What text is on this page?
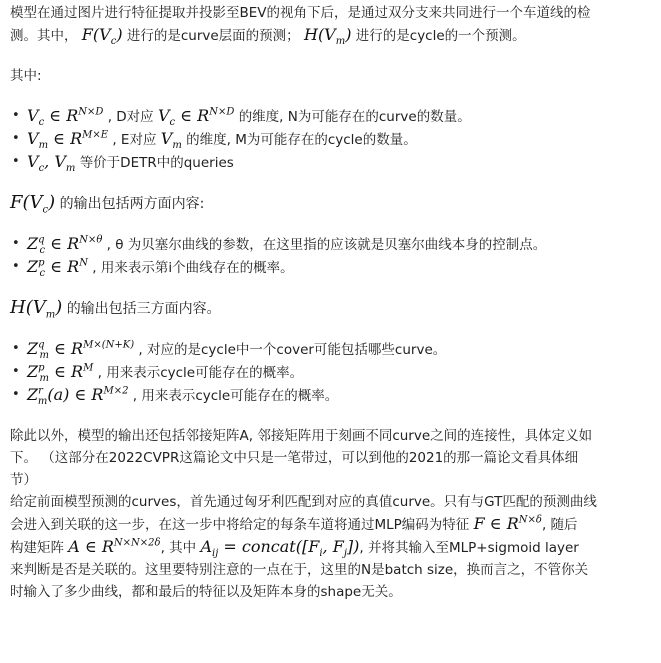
模型在通过图片进行特征提取并投影至BEV的视角下后，是通过双分支来共同进行一个车道线的检

测。其中， $F(V_c)$ 进行的是curve层面的预测； $H(V_m)$ 进行的是cycle的一个预测。

其中:

• $V_c$ ∈ $R^{N\times D}$ , D对应 $V_c$ ∈ $R^{N\times D}$ 的维度, N为可能存在的curve的数量。
• $V_m$ ∈ $R^{M\times E}$ , E对应 $V_m$ 的维度, M为可能存在的cycle的数量。
• $V_c$, $V_m$ 等价于DETR中的queries

$F(V_c)$ 的输出包括两方面内容:

• $Z^q_c$ ∈ $R^{N\times\theta}$ , θ 为贝塞尔曲线的参数，在这里指的应该就是贝塞尔曲线本身的控制点。
• $Z^p_c$ ∈ $R^N$ , 用来表示第i个曲线存在的概率。

$H(V_m)$ 的输出包括三方面内容。

• $Z^q_m$ ∈ $R^{M\times(N+K)}$ , 对应的是cycle中一个cover可能包括哪些curve。
• $Z^p_m$ ∈ $R^M$ , 用来表示cycle可能存在的概率。
• $Z^r_m(a)$ ∈ $R^{M\times 2}$ , 用来表示cycle可能存在的概率。

除此以外，模型的输出还包括邻接矩阵A, 邻接矩阵用于刻画不同curve之间的连接性，具体定义如
下。 （这部分在2022CVPR这篇论文中只是一笔带过，可以到他的2021的那一篇论文看具体细
节）

给定前面模型预测的curves，首先通过匈牙利匹配到对应的真值curve。只有与GT匹配的预测曲线
会进入到关联的这一步，在这一步中将给定的每条车道将通过MLP编码为特征 F ∈ $R^{N\times\delta}$, 随后
构建矩阵 A ∈ $R^{N\times N\times 2\delta}$, 其中 $A_{ij}$ = $concat([F_i$, $F_j$]), 并将其输入至MLP+sigmoid layer
来判断是否是关联的。这里要特别注意的一点在于，这里的N是batch size，换而言之，不管你关
时输入了多少曲线，都和最后的特征以及矩阵本身的shape无关。
